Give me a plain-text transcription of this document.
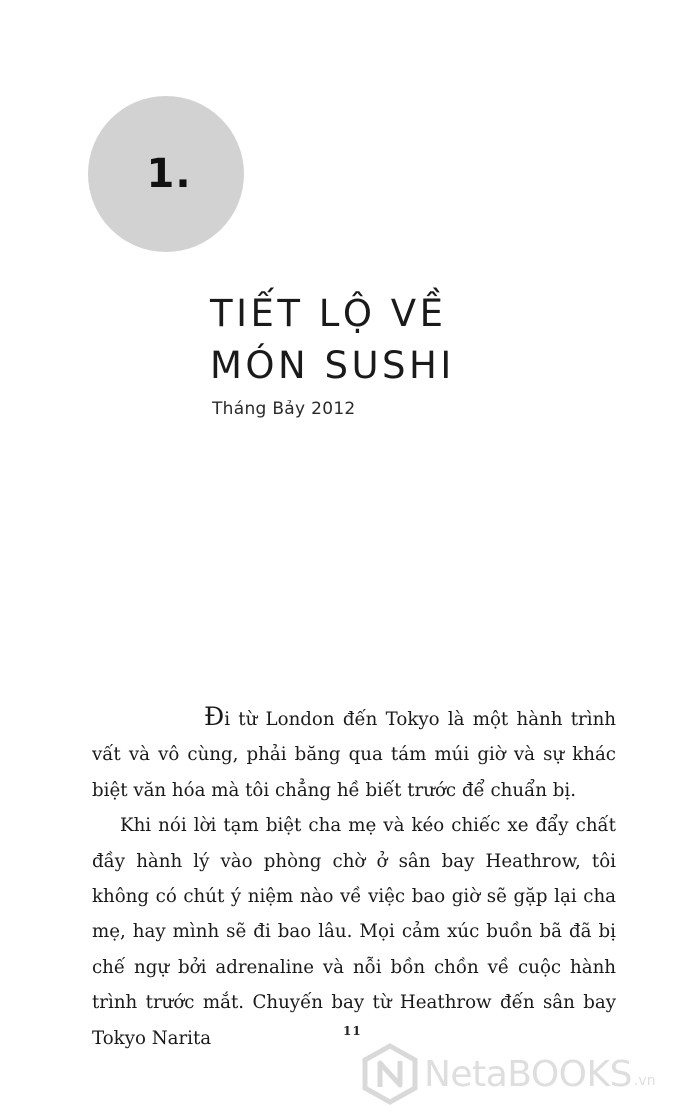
1.
TIẾT LỘ VỀ
MÓN SUSHI
Tháng Bảy 2012

Đi từ London đến Tokyo là một hành trình vất và vô cùng, phải băng qua tám múi giờ và sự khác biệt văn hóa mà tôi chẳng hề biết trước để chuẩn bị.

Khi nói lời tạm biệt cha mẹ và kéo chiếc xe đẩy chất đầy hành lý vào phòng chờ ở sân bay Heathrow, tôi không có chút ý niệm nào về việc bao giờ sẽ gặp lại cha mẹ, hay mình sẽ đi bao lâu. Mọi cảm xúc buồn bã đã bị chế ngự bởi adrenaline và nỗi bồn chồn về cuộc hành trình trước mắt. Chuyến bay từ Heathrow đến sân bay Tokyo Narita	11
NetaBOOKS .vn
